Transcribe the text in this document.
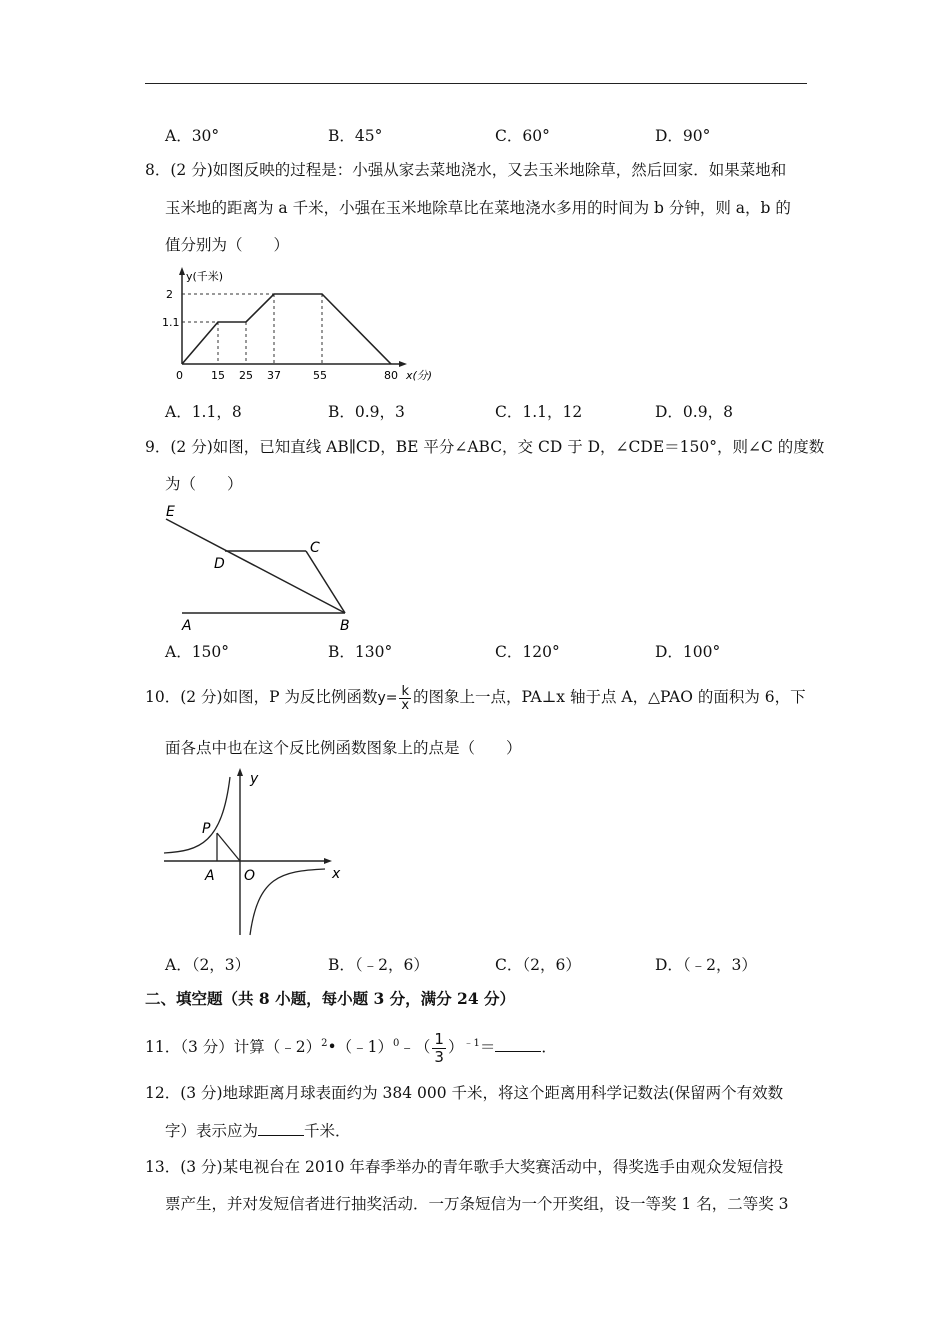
A．30°	B．45°	C．60°	D．90°
8．(2 分)如图反映的过程是：小强从家去菜地浇水，又去玉米地除草，然后回家．如果菜地和
玉米地的距离为 a 千米，小强在玉米地除草比在菜地浇水多用的时间为 b 分钟，则 a，b 的
值分别为（　　）
y(千米)
x(分)
2
1.1
0	15 25 37	55	80
A．1.1，8	B．0.9，3	C．1.1，12	D．0.9，8
9．(2 分)如图，已知直线 AB∥CD，BE 平分∠ABC，交 CD 于 D，∠CDE＝150°，则∠C 的度数
为（　　）
E
D
C
A	B
A．150°	B．130°	C．120°	D．100°
10．(2 分)如图，P 为反比例函数$y= \frac{k}{x}$ 的图象上一点，PA⊥x 轴于点 A，△PAO 的面积为 6，下
面各点中也在这个反比例函数图象上的点是（　　）
P
A O	x
y
A．（2，3）	B．（﹣2，6）	C．（2，6）	D．（﹣2，3）
二、填空题（共 8 小题，每小题 3 分，满分 24 分）
11．（3 分）计算（﹣2）$^2$•（﹣1）$^0$﹣（ $\frac{1}{3} )^{﹣1}=$	．
12．(3 分)地球距离月球表面约为 384 000 千米，将这个距离用科学记数法(保留两个有效数
字）表示应为	千米．
13．(3 分)某电视台在 2010 年春季举办的青年歌手大奖赛活动中，得奖选手由观众发短信投
票产生，并对发短信者进行抽奖活动．一万条短信为一个开奖组，设一等奖 1 名，二等奖 3
